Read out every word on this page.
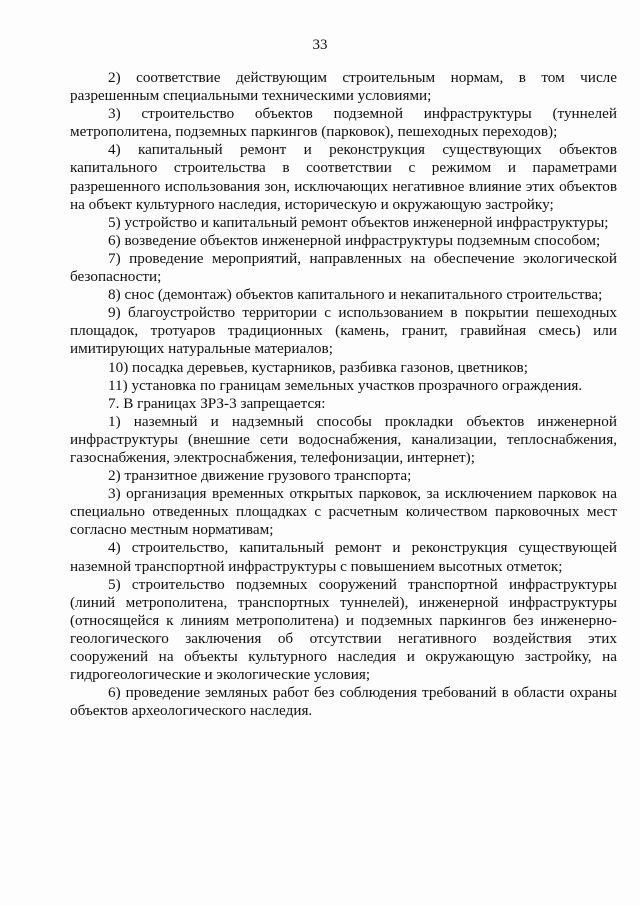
33

2) соответствие действующим строительным нормам, в том числе разрешенным специальными техническими условиями;

3) строительство объектов подземной инфраструктуры (туннелей метрополитена, подземных паркингов (парковок), пешеходных переходов);

4) капитальный ремонт и реконструкция существующих объектов капитального строительства в соответствии с режимом и параметрами разрешенного использования зон, исключающих негативное влияние этих объектов на объект культурного наследия, историческую и окружающую застройку;

5) устройство и капитальный ремонт объектов инженерной инфраструктуры;

6) возведение объектов инженерной инфраструктуры подземным способом;

7) проведение мероприятий, направленных на обеспечение экологической безопасности;

8) снос (демонтаж) объектов капитального и некапитального строительства;

9) благоустройство территории с использованием в покрытии пешеходных площадок, тротуаров традиционных (камень, гранит, гравийная смесь) или имитирующих натуральные материалов;

10) посадка деревьев, кустарников, разбивка газонов, цветников;

11) установка по границам земельных участков прозрачного ограждения.

7. В границах ЗРЗ-3 запрещается:

1) наземный и надземный способы прокладки объектов инженерной инфраструктуры (внешние сети водоснабжения, канализации, теплоснабжения, газоснабжения, электроснабжения, телефонизации, интернет);

2) транзитное движение грузового транспорта;

3) организация временных открытых парковок, за исключением парковок на специально отведенных площадках с расчетным количеством парковочных мест согласно местным нормативам;

4) строительство, капитальный ремонт и реконструкция существующей наземной транспортной инфраструктуры с повышением высотных отметок;

5) строительство подземных сооружений транспортной инфраструктуры (линий метрополитена, транспортных туннелей), инженерной инфраструктуры (относящейся к линиям метрополитена) и подземных паркингов без инженерно-геологического заключения об отсутствии негативного воздействия этих сооружений на объекты культурного наследия и окружающую застройку, на гидрогеологические и экологические условия;

6) проведение земляных работ без соблюдения требований в области охраны объектов археологического наследия.
